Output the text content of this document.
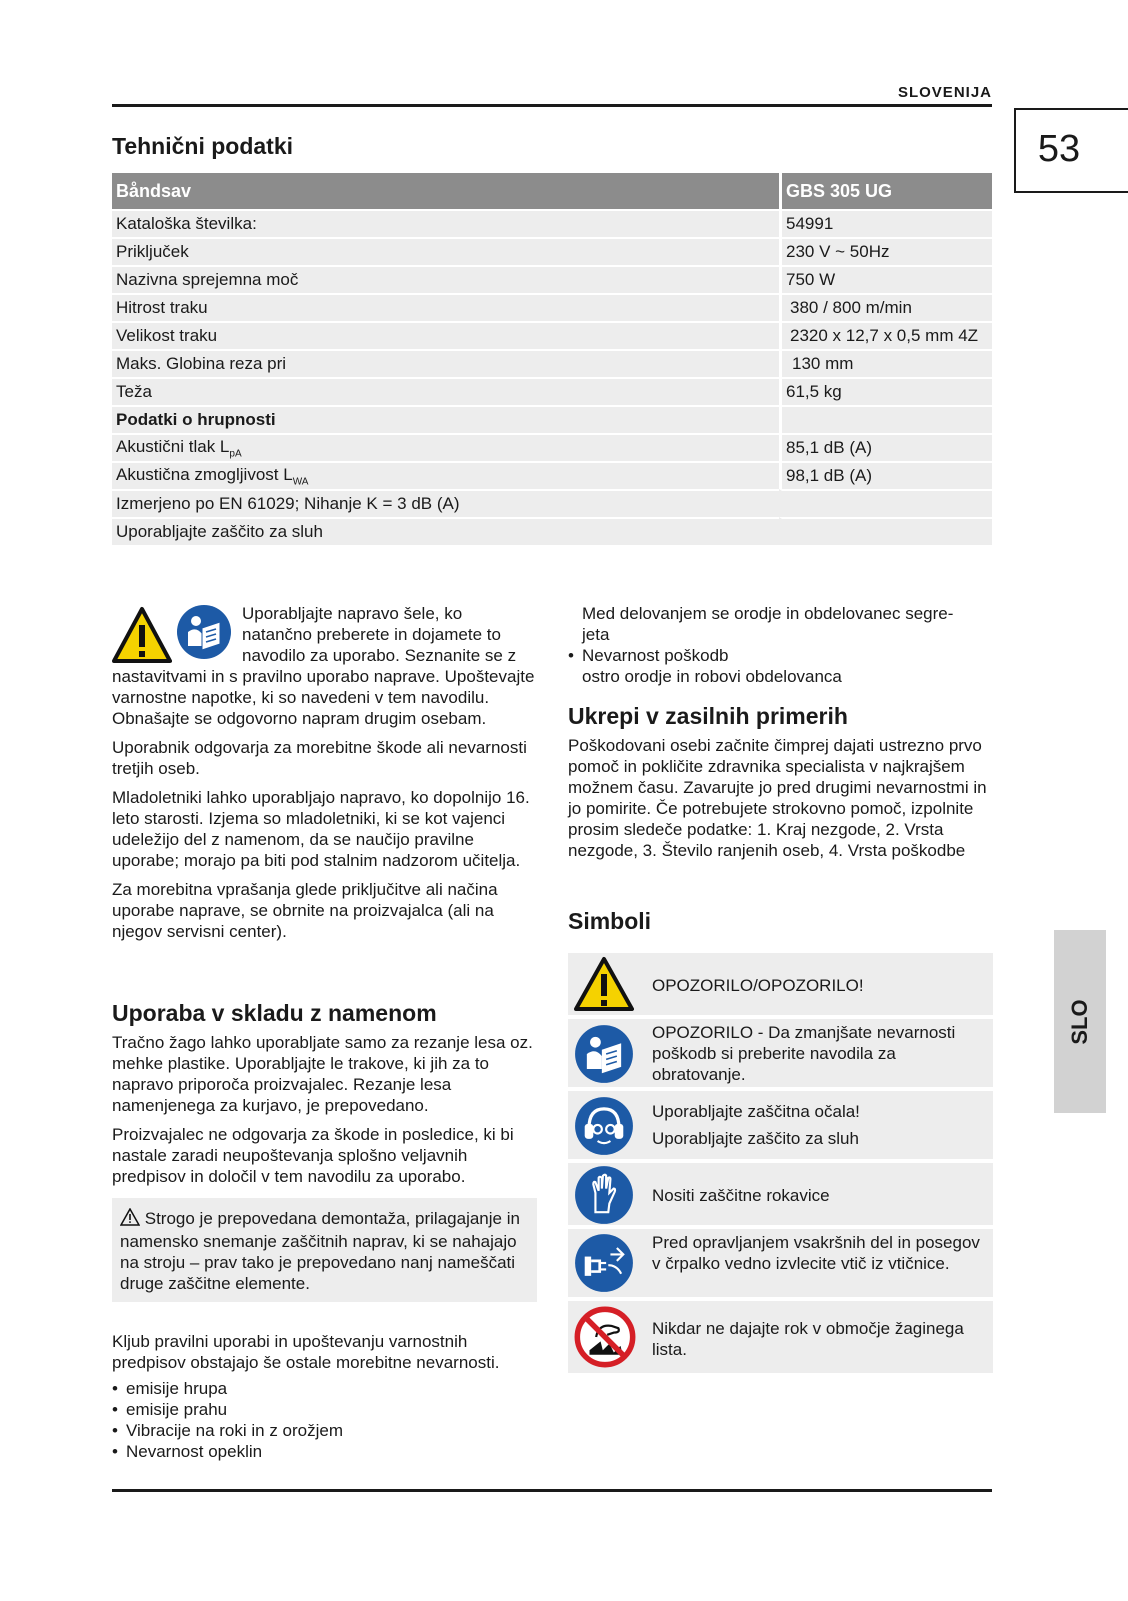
SLOVENIJA
53
SLO
Tehnični podatki
Båndsav	GBS 305 UG
Kataloška številka:	54991
Priključek	230 V ~ 50Hz
Nazivna sprejemna moč	750 W
Hitrost traku	380 / 800 m/min
Velikost traku	2320 x 12,7 x 0,5 mm 4Z
Maks. Globina reza pri	130 mm
Teža	61,5 kg
Podatki o hrupnosti	
Akustični tlak $L_{pA}$	85,1 dB (A)
Akustična zmogljivost $L_{WA}$	98,1 dB (A)
Izmerjeno po EN 61029; Nihanje K = 3 dB (A)	
Uporabljajte zaščito za sluh	
Uporabljajte napravo šele, ko
natančno preberete in dojamete to
navodilo za uporabo. Seznanite se z

nastavitvami in s pravilno uporabo naprave. Upoštevajte varnostne napotke, ki so navedeni v tem navodilu. Obnašajte se odgovorno napram drugim osebam.

Uporabnik odgovarja za morebitne škode ali nevarnosti tretjih oseb.

Mladoletniki lahko uporabljajo napravo, ko dopolnijo 16. leto starosti. Izjema so mladoletniki, ki se kot vajenci udeležijo del z namenom, da se naučijo pravilne uporabe; morajo pa biti pod stalnim nadzorom učitelja.

Za morebitna vprašanja glede priključitve ali načina uporabe naprave, se obrnite na proizvajalca (ali na njegov servisni center).

Uporaba v skladu z namenom

Tračno žago lahko uporabljate samo za rezanje lesa oz. mehke plastike. Uporabljajte le trakove, ki jih za to napravo priporoča proizvajalec. Rezanje lesa namenjenega za kurjavo, je prepovedano.

Proizvajalec ne odgovarja za škode in posledice, ki bi nastale zaradi neupoštevanja splošno veljavnih predpisov in določil v tem navodilu za uporabo.

Strogo je prepovedana demontaža, prilagajanje in namensko snemanje zaščitnih naprav, ki se nahajajo na stroju – prav tako je prepovedano nanj nameščati druge zaščitne elemente.

Kljub pravilni uporabi in upoštevanju varnostnih predpisov obstajajo še ostale morebitne nevarnosti.

• emisije hrupa
• emisije prahu
• Vibracije na roki in z orožjem
• Nevarnost opeklin
Med delovanjem se orodje in obdelovanec segre-
jeta
• Nevarnost poškodb
ostro orodje in robovi obdelovanca
Ukrepi v zasilnih primerih
Poškodovani osebi začnite čimprej dajati ustrezno prvo pomoč in pokličite zdravnika specialista v najkrajšem možnem času. Zavarujte jo pred drugimi nevarnostmi in jo pomirite. Če potrebujete strokovno pomoč, izpolnite prosim sledeče podatke: 1. Kraj nezgode, 2. Vrsta nezgode, 3. Število ranjenih oseb, 4. Vrsta poškodbe
Simboli
OPOZORILO/OPOZORILO!
OPOZORILO - Da zmanjšate nevarnosti poškodb si preberite navodila za obratovanje.
Uporabljajte zaščitna očala!
Uporabljajte zaščito za sluh
Nositi zaščitne rokavice
Pred opravljanjem vsakršnih del in posegov v črpalko vedno izvlecite vtič iz vtičnice.
Nikdar ne dajajte rok v območje žaginega lista.
